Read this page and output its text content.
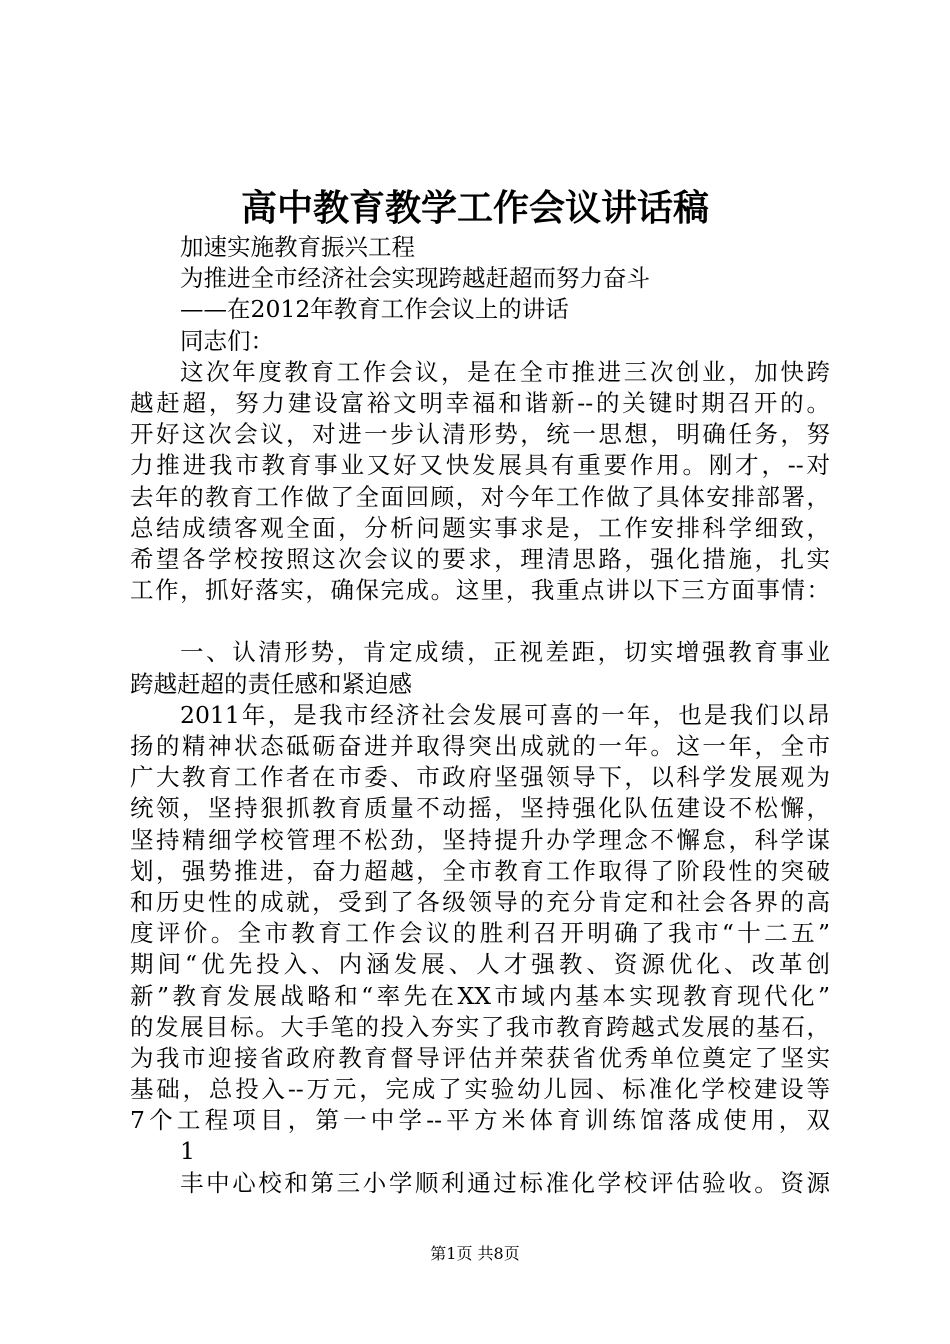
高中教育教学工作会议讲话稿
加速实施教育振兴工程
为推进全市经济社会实现跨越赶超而努力奋斗
——在2012年教育工作会议上的讲话
同志们：
这次年度教育工作会议，是在全市推进三次创业，加快跨
越赶超，努力建设富裕文明幸福和谐新--的关键时期召开的。
开好这次会议，对进一步认清形势，统一思想，明确任务，努
力推进我市教育事业又好又快发展具有重要作用。刚才，--对
去年的教育工作做了全面回顾，对今年工作做了具体安排部署，
总结成绩客观全面，分析问题实事求是，工作安排科学细致，
希望各学校按照这次会议的要求，理清思路，强化措施，扎实
工作，抓好落实，确保完成。这里，我重点讲以下三方面事情：
一、认清形势，肯定成绩，正视差距，切实增强教育事业
跨越赶超的责任感和紧迫感
2011年，是我市经济社会发展可喜的一年，也是我们以昂
扬的精神状态砥砺奋进并取得突出成就的一年。这一年，全市
广大教育工作者在市委、市政府坚强领导下，以科学发展观为
统领，坚持狠抓教育质量不动摇，坚持强化队伍建设不松懈，
坚持精细学校管理不松劲，坚持提升办学理念不懈怠，科学谋
划，强势推进，奋力超越，全市教育工作取得了阶段性的突破
和历史性的成就，受到了各级领导的充分肯定和社会各界的高
度评价。全市教育工作会议的胜利召开明确了我市“十二五”
期间“优先投入、内涵发展、人才强教、资源优化、改革创
新”教育发展战略和“率先在XX市域内基本实现教育现代化”
的发展目标。大手笔的投入夯实了我市教育跨越式发展的基石，
为我市迎接省政府教育督导评估并荣获省优秀单位奠定了坚实
基础，总投入--万元，完成了实验幼儿园、标准化学校建设等
7个工程项目，第一中学--平方米体育训练馆落成使用，双
1
丰中心校和第三小学顺利通过标准化学校评估验收。资源
第1页 共8页
